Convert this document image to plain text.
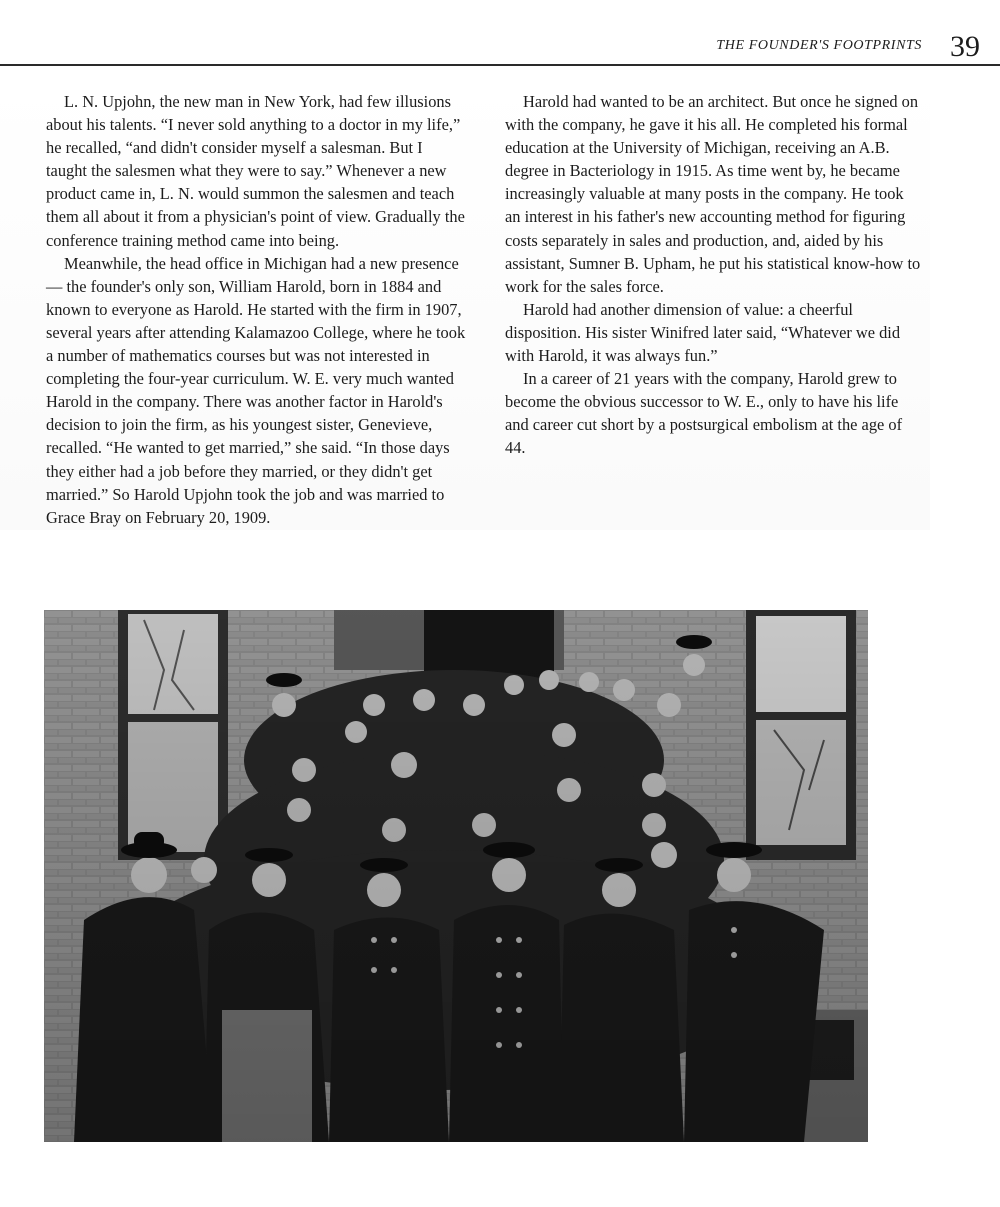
THE FOUNDER'S FOOTPRINTS 39

L. N. Upjohn, the new man in New York, had few illusions about his talents. “I never sold anything to a doctor in my life,” he recalled, “and didn't consider myself a salesman. But I taught the salesmen what they were to say.” Whenever a new product came in, L. N. would summon the salesmen and teach them all about it from a physician's point of view. Gradually the conference training method came into being.

Meanwhile, the head office in Michigan had a new presence — the founder's only son, William Harold, born in 1884 and known to everyone as Harold. He started with the firm in 1907, several years after attending Kalamazoo College, where he took a number of mathematics courses but was not interested in completing the four-year curriculum. W. E. very much wanted Harold in the company. There was another factor in Harold's decision to join the firm, as his youngest sister, Genevieve, recalled. “He wanted to get married,” she said. “In those days they either had a job before they married, or they didn't get married.” So Harold Upjohn took the job and was married to Grace Bray on February 20, 1909.

Harold had wanted to be an architect. But once he signed on with the company, he gave it his all. He completed his formal education at the University of Michigan, receiving an A.B. degree in Bacteriology in 1915. As time went by, he became increasingly valuable at many posts in the company. He took an interest in his father's new accounting method for figuring costs separately in sales and production, and, aided by his assistant, Sumner B. Upham, he put his statistical know-how to work for the sales force.

Harold had another dimension of value: a cheerful disposition. His sister Winifred later said, “Whatever we did with Harold, it was always fun.”

In a career of 21 years with the company, Harold grew to become the obvious successor to W. E., only to have his life and career cut short by a postsurgical embolism at the age of 44.
